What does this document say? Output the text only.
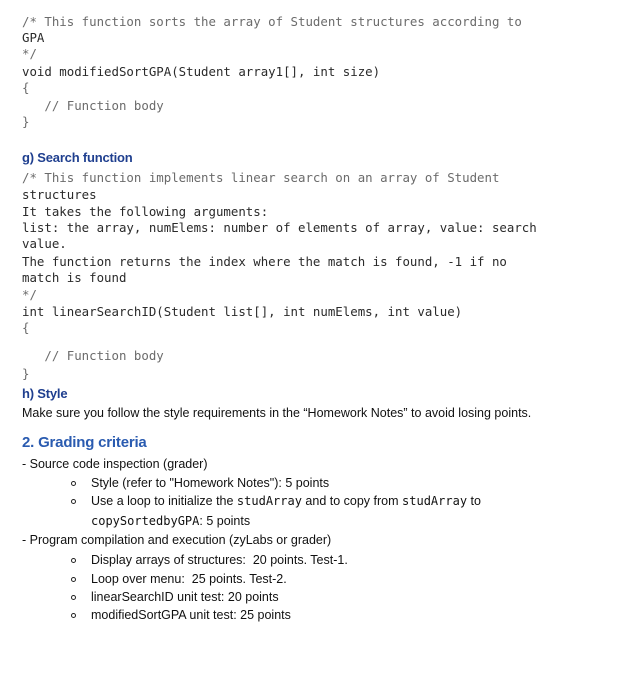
/* This function sorts the array of Student structures according to
GPA
*/
void modifiedSortGPA(Student array1[], int size)
{
// Function body
}
g) Search function
/* This function implements linear search on an array of Student
structures
It takes the following arguments:
list: the array, numElems: number of elements of array, value: search
value.
The function returns the index where the match is found, -1 if no
match is found
*/
int linearSearchID(Student list[], int numElems, int value)
{
// Function body
}
h) Style
Make sure you follow the style requirements in the “Homework Notes” to avoid losing points.
2. Grading criteria
- Source code inspection (grader)
Style (refer to "Homework Notes"): 5 points
Use a loop to initialize the studArray and to copy from studArray to
copySortedbyGPA: 5 points
- Program compilation and execution (zyLabs or grader)
Display arrays of structures:  20 points. Test-1.
Loop over menu:  25 points. Test-2.
linearSearchID unit test: 20 points
modifiedSortGPA unit test: 25 points
